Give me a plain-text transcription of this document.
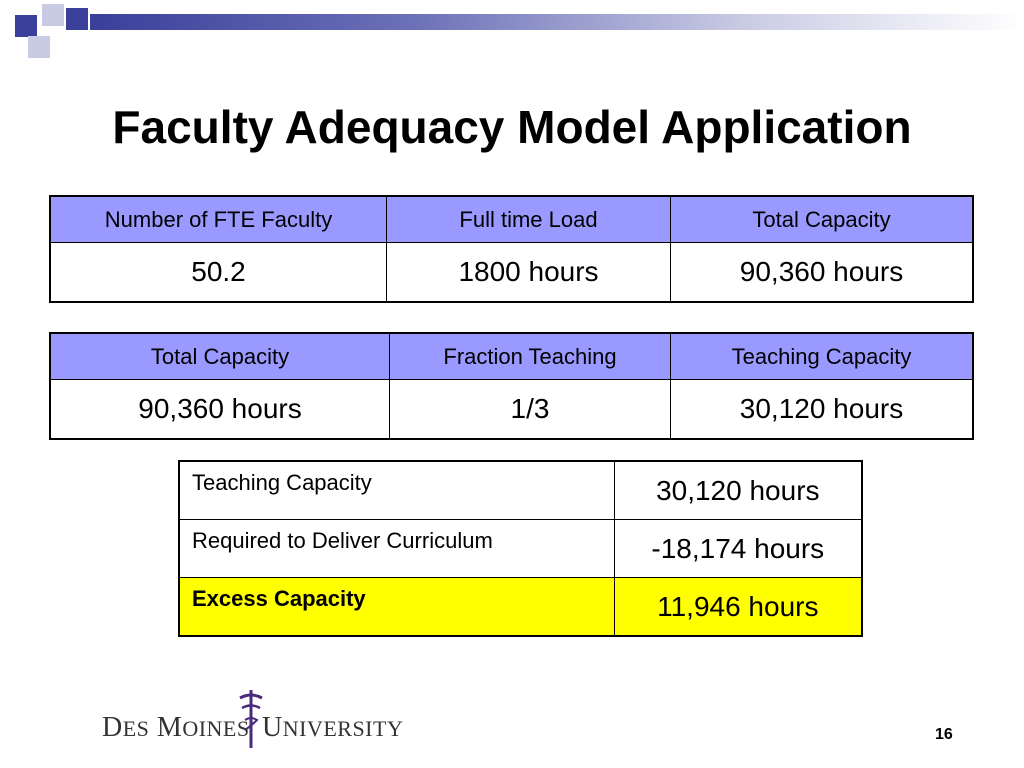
Faculty Adequacy Model Application
Number of FTE Faculty	Full time Load	Total Capacity
50.2	1800 hours	90,360 hours
Total Capacity	Fraction Teaching	Teaching Capacity
90,360 hours	1/3	30,120 hours
Teaching Capacity	30,120 hours
Required to Deliver Curriculum	-18,174 hours
Excess Capacity	11,946 hours
DES MOINES UNIVERSITY	16
